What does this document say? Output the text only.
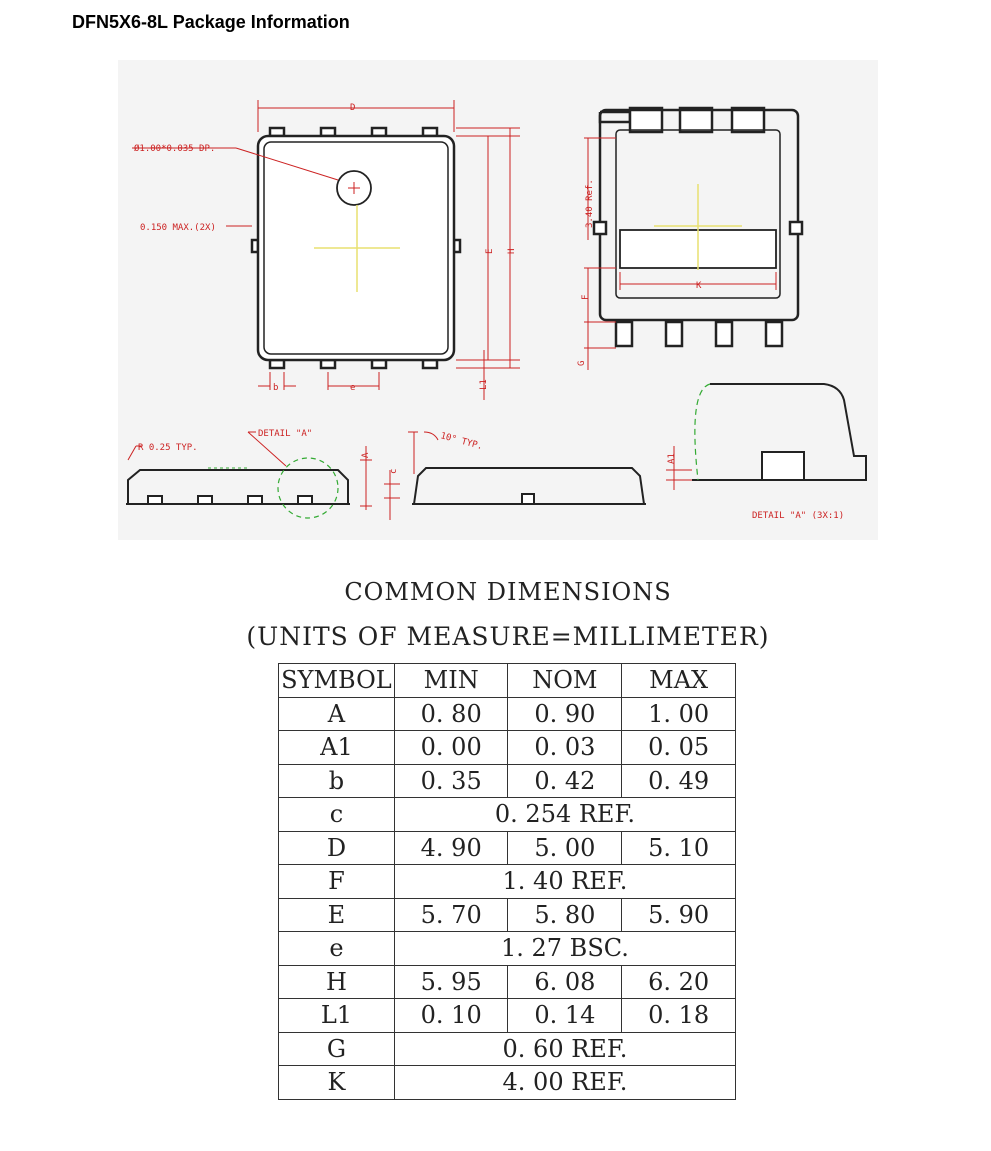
DFN5X6-8L Package Information
D
Ø1.00*0.035 DP.
0.150 MAX.(2X)
E H
b	e	L1
3.40 Ref.
F
G
K
R 0.25 TYP.
DETAIL "A"
A
c
10° TYP.
A1
DETAIL "A" (3X:1)
COMMON DIMENSIONS
(UNITS OF MEASURE=MILLIMETER)
SYMBOL	MIN	NOM	MAX
A	0. 80	0. 90	1. 00
A1	0. 00	0. 03	0. 05
b	0. 35	0. 42	0. 49
c	0. 254 REF.		
D	4. 90	5. 00	5. 10
F	1. 40 REF.		
E	5. 70	5. 80	5. 90
e	1. 27 BSC.		
H	5. 95	6. 08	6. 20
L1	0. 10	0. 14	0. 18
G	0. 60 REF.		
K	4. 00 REF.		
